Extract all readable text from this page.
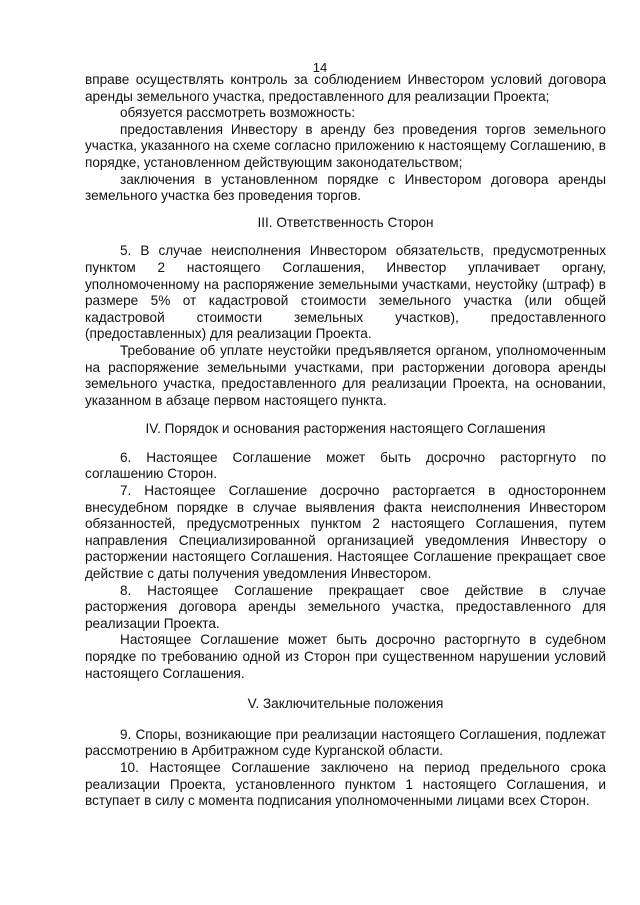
14

вправе осуществлять контроль за соблюдением Инвестором условий договора аренды земельного участка, предоставленного для реализации Проекта;

обязуется рассмотреть возможность:

предоставления Инвестору в аренду без проведения торгов земельного участка, указанного на схеме согласно приложению к настоящему Соглашению, в порядке, установленном действующим законодательством;

заключения в установленном порядке с Инвестором договора аренды земельного участка без проведения торгов.

III. Ответственность Сторон

5. В случае неисполнения Инвестором обязательств, предусмотренных пунктом 2 настоящего Соглашения, Инвестор уплачивает органу, уполномоченному на распоряжение земельными участками, неустойку (штраф) в размере 5% от кадастровой стоимости земельного участка (или общей кадастровой стоимости земельных участков), предоставленного (предоставленных) для реализации Проекта.

Требование об уплате неустойки предъявляется органом, уполномоченным на распоряжение земельными участками, при расторжении договора аренды земельного участка, предоставленного для реализации Проекта, на основании, указанном в абзаце первом настоящего пункта.

IV. Порядок и основания расторжения настоящего Соглашения

6. Настоящее Соглашение может быть досрочно расторгнуто по соглашению Сторон.

7. Настоящее Соглашение досрочно расторгается в одностороннем внесудебном порядке в случае выявления факта неисполнения Инвестором обязанностей, предусмотренных пунктом 2 настоящего Соглашения, путем направления Специализированной организацией уведомления Инвестору о расторжении настоящего Соглашения. Настоящее Соглашение прекращает свое действие с даты получения уведомления Инвестором.

8. Настоящее Соглашение прекращает свое действие в случае расторжения договора аренды земельного участка, предоставленного для реализации Проекта.

Настоящее Соглашение может быть досрочно расторгнуто в судебном порядке по требованию одной из Сторон при существенном нарушении условий настоящего Соглашения.

V. Заключительные положения

9. Споры, возникающие при реализации настоящего Соглашения, подлежат рассмотрению в Арбитражном суде Курганской области.

10. Настоящее Соглашение заключено на период предельного срока реализации Проекта, установленного пунктом 1 настоящего Соглашения, и вступает в силу с момента подписания уполномоченными лицами всех Сторон.
